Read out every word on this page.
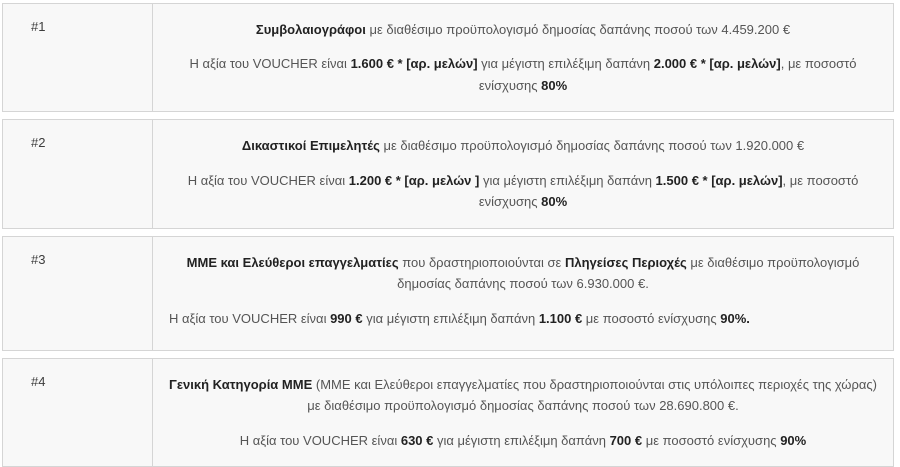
#1	Συμβολαιογράφοι με διαθέσιμο προϋπολογισμό δημοσίας δαπάνης ποσού των 4.459.200 €

Η αξία του VOUCHER είναι 1.600 € * [αρ. μελών] για μέγιστη επιλέξιμη δαπάνη 2.000 € * [αρ. μελών], με ποσοστό ενίσχυσης 80%

#2	Δικαστικοί Επιμελητές με διαθέσιμο προϋπολογισμό δημοσίας δαπάνης ποσού των 1.920.000 €

Η αξία του VOUCHER είναι 1.200 € * [αρ. μελών ] για μέγιστη επιλέξιμη δαπάνη 1.500 € * [αρ. μελών], με ποσοστό ενίσχυσης 80%

#3	ΜΜΕ και Ελεύθεροι επαγγελματίες που δραστηριοποιούνται σε Πληγείσες Περιοχές με διαθέσιμο προϋπολογισμό δημοσίας δαπάνης ποσού των 6.930.000 €.

Η αξία του VOUCHER είναι 990 € για μέγιστη επιλέξιμη δαπάνη 1.100 € με ποσοστό ενίσχυσης 90%.

#4	Γενική Κατηγορία ΜΜΕ (ΜΜΕ και Ελεύθεροι επαγγελματίες που δραστηριοποιούνται στις υπόλοιπες περιοχές της χώρας) με διαθέσιμο προϋπολογισμό δημοσίας δαπάνης ποσού των 28.690.800 €.

Η αξία του VOUCHER είναι 630 € για μέγιστη επιλέξιμη δαπάνη 700 € με ποσοστό ενίσχυσης 90%
